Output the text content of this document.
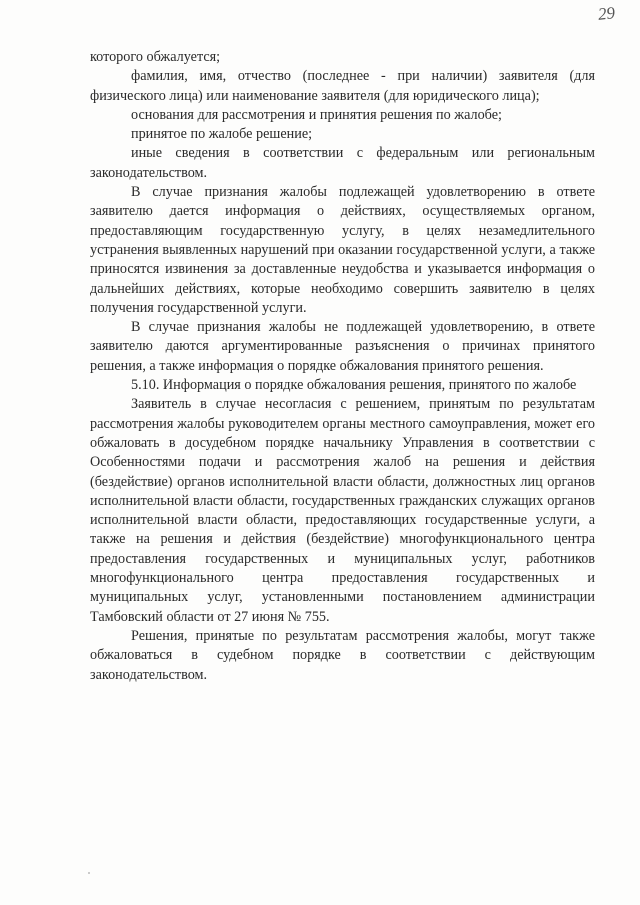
29

которого обжалуется;

фамилия, имя, отчество (последнее - при наличии) заявителя (для физического лица) или наименование заявителя (для юридического лица);

основания для рассмотрения и принятия решения по жалобе;

принятое по жалобе решение;

иные сведения в соответствии с федеральным или региональным законодательством.

В случае признания жалобы подлежащей удовлетворению в ответе заявителю дается информация о действиях, осуществляемых органом, предоставляющим государственную услугу, в целях незамедлительного устранения выявленных нарушений при оказании государственной услуги, а также приносятся извинения за доставленные неудобства и указывается информация о дальнейших действиях, которые необходимо совершить заявителю в целях получения государственной услуги.

В случае признания жалобы не подлежащей удовлетворению, в ответе заявителю даются аргументированные разъяснения о причинах принятого решения, а также информация о порядке обжалования принятого решения.

5.10. Информация о порядке обжалования решения, принятого по жалобе

Заявитель в случае несогласия с решением, принятым по результатам рассмотрения жалобы руководителем органы местного самоуправления, может его обжаловать в досудебном порядке начальнику Управления в соответствии с Особенностями подачи и рассмотрения жалоб на решения и действия (бездействие) органов исполнительной власти области, должностных лиц органов исполнительной власти области, государственных гражданских служащих органов исполнительной власти области, предоставляющих государственные услуги, а также на решения и действия (бездействие) многофункционального центра предоставления государственных и муниципальных услуг, работников многофункционального центра предоставления государственных и муниципальных услуг, установленными постановлением администрации Тамбовский области от 27 июня № 755.

Решения, принятые по результатам рассмотрения жалобы, могут также обжаловаться в судебном порядке в соответствии с действующим законодательством.
